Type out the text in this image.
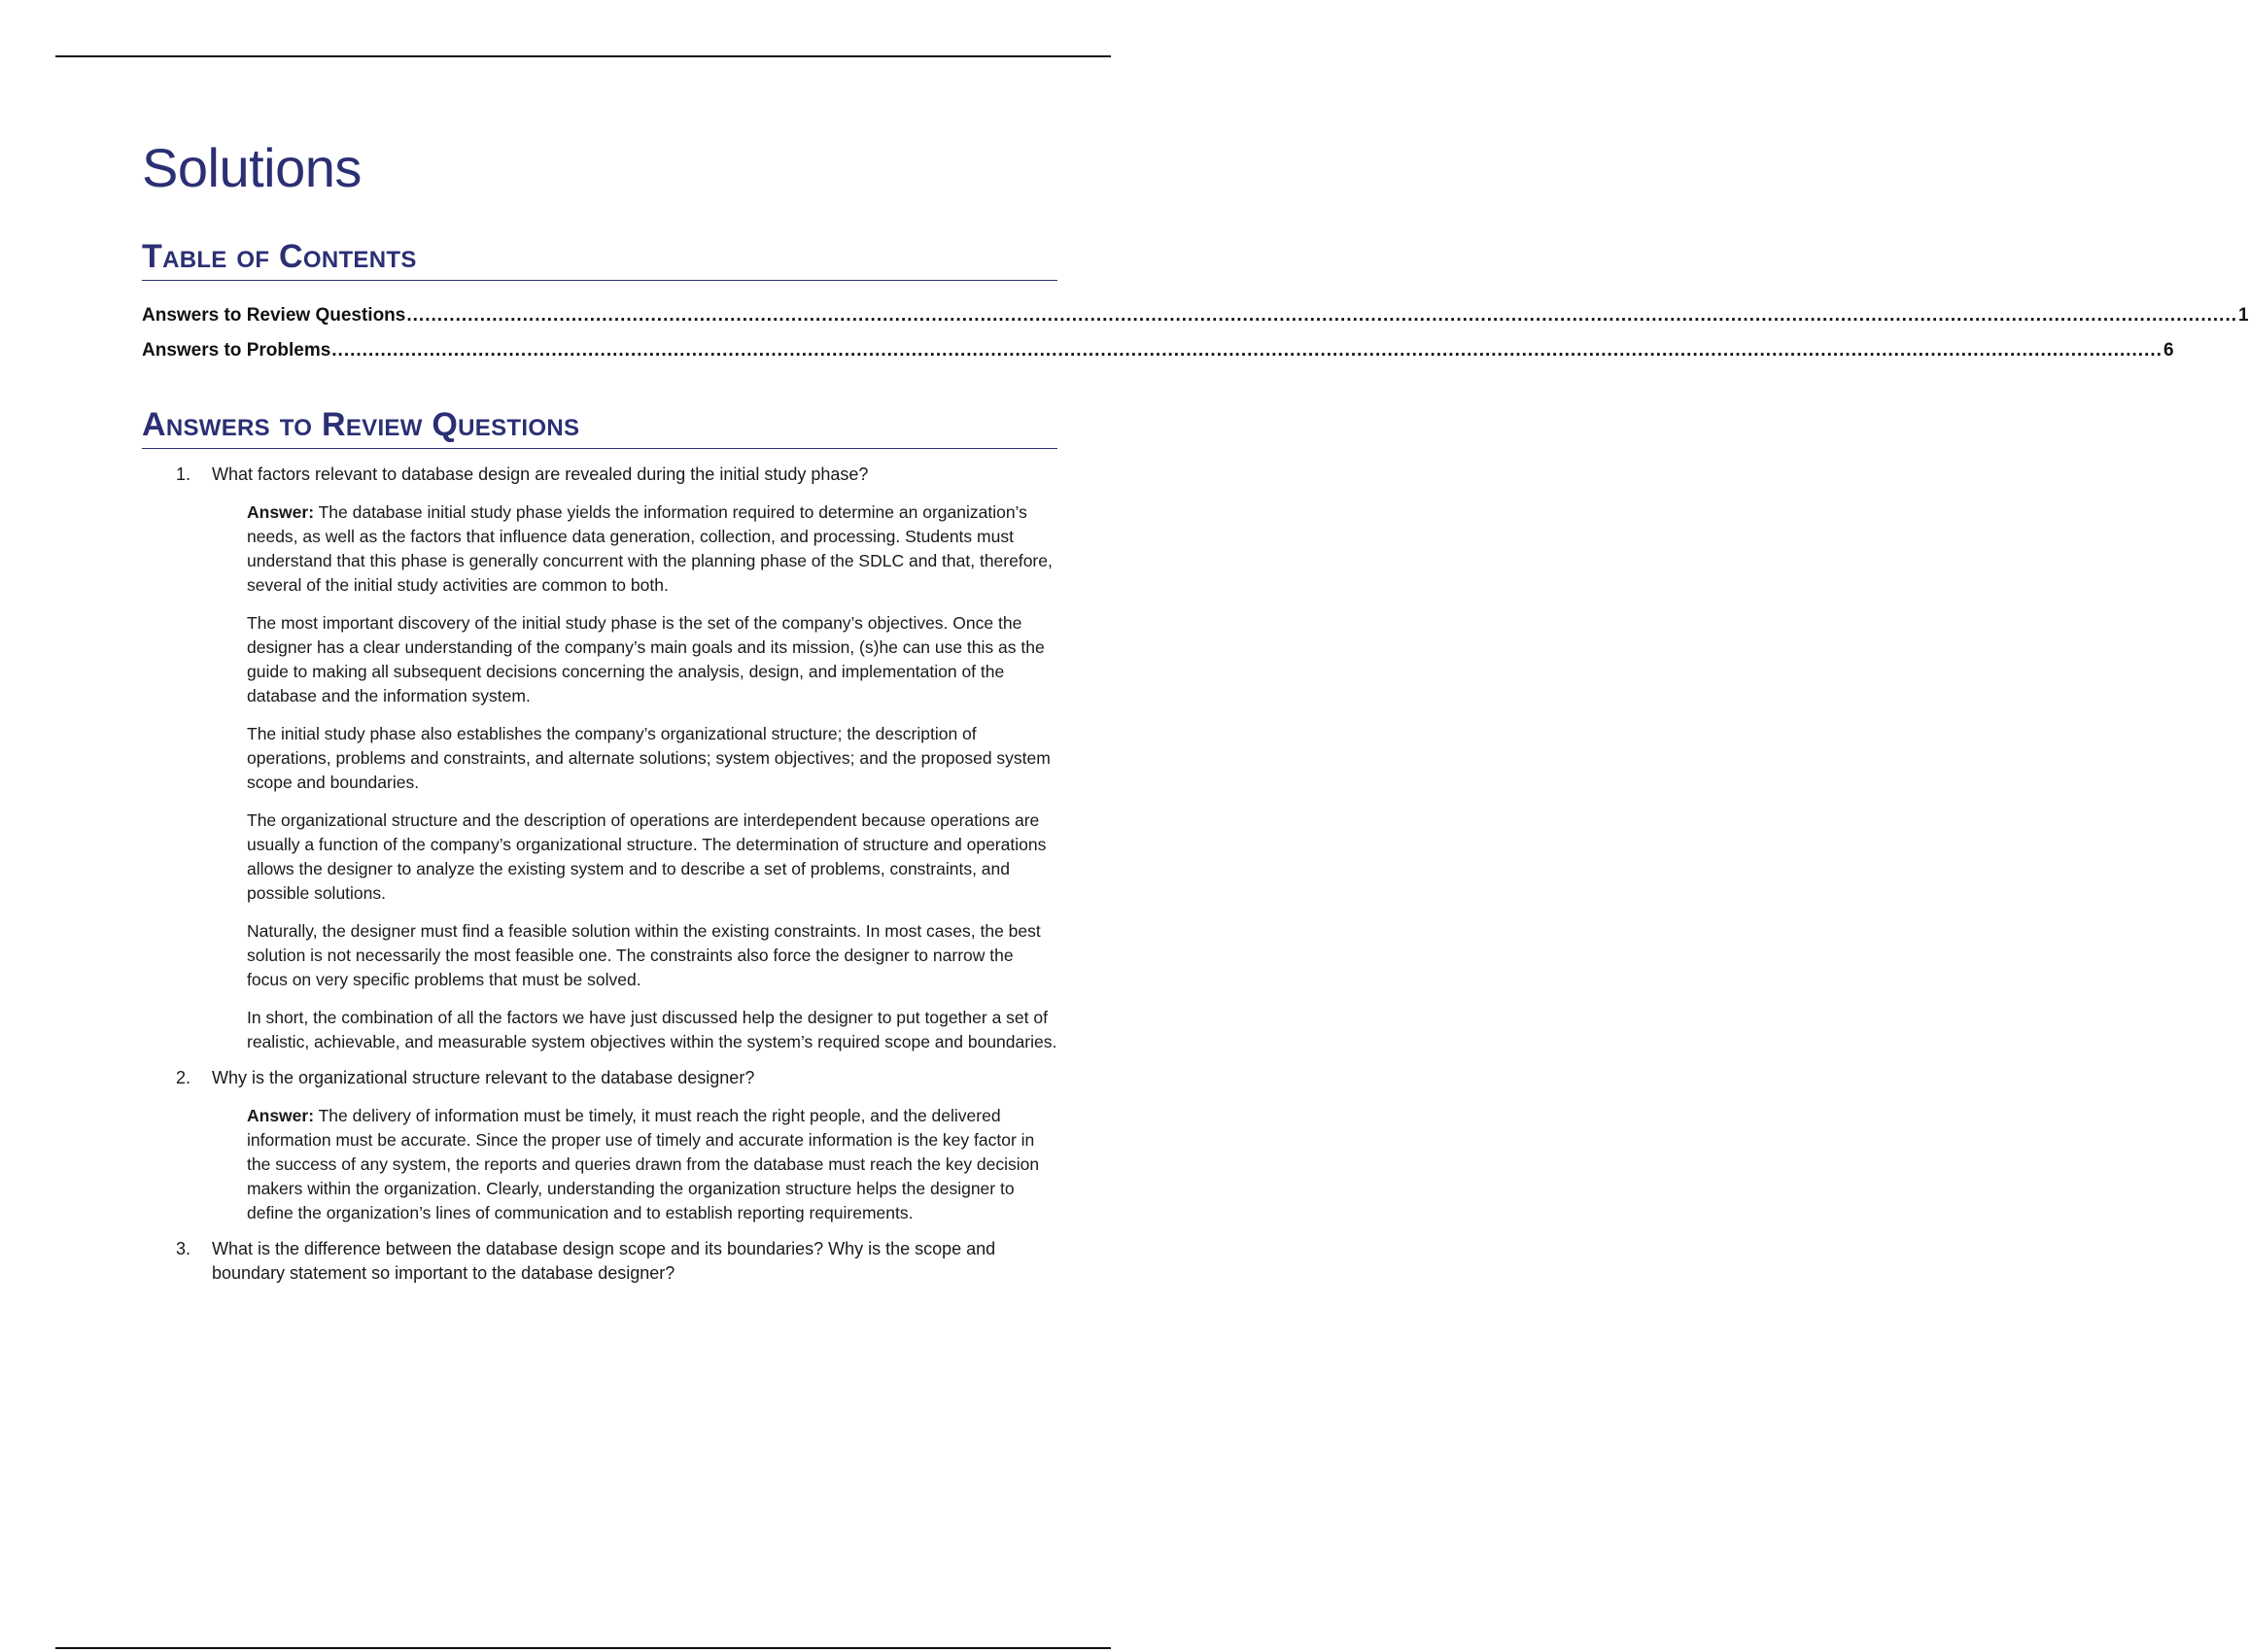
Solutions
Table of Contents
Answers to Review Questions ............................................................................................................................................................................................................................................................................................................ 1
Answers to Problems ............................................................................................................................................................................................................................................................................................................ 6
Answers to Review Questions
1. What factors relevant to database design are revealed during the initial study phase?

Answer: The database initial study phase yields the information required to determine an organization’s needs, as well as the factors that influence data generation, collection, and processing. Students must understand that this phase is generally concurrent with the planning phase of the SDLC and that, therefore, several of the initial study activities are common to both.

The most important discovery of the initial study phase is the set of the company’s objectives. Once the designer has a clear understanding of the company’s main goals and its mission, (s)he can use this as the guide to making all subsequent decisions concerning the analysis, design, and implementation of the database and the information system.

The initial study phase also establishes the company’s organizational structure; the description of operations, problems and constraints, and alternate solutions; system objectives; and the proposed system scope and boundaries.

The organizational structure and the description of operations are interdependent because operations are usually a function of the company’s organizational structure. The determination of structure and operations allows the designer to analyze the existing system and to describe a set of problems, constraints, and possible solutions.

Naturally, the designer must find a feasible solution within the existing constraints. In most cases, the best solution is not necessarily the most feasible one. The constraints also force the designer to narrow the focus on very specific problems that must be solved.

In short, the combination of all the factors we have just discussed help the designer to put together a set of realistic, achievable, and measurable system objectives within the system’s required scope and boundaries.

2. Why is the organizational structure relevant to the database designer?

Answer: The delivery of information must be timely, it must reach the right people, and the delivered information must be accurate. Since the proper use of timely and accurate information is the key factor in the success of any system, the reports and queries drawn from the database must reach the key decision makers within the organization. Clearly, understanding the organization structure helps the designer to define the organization’s lines of communication and to establish reporting requirements.

3. What is the difference between the database design scope and its boundaries? Why is the scope and boundary statement so important to the database designer?
